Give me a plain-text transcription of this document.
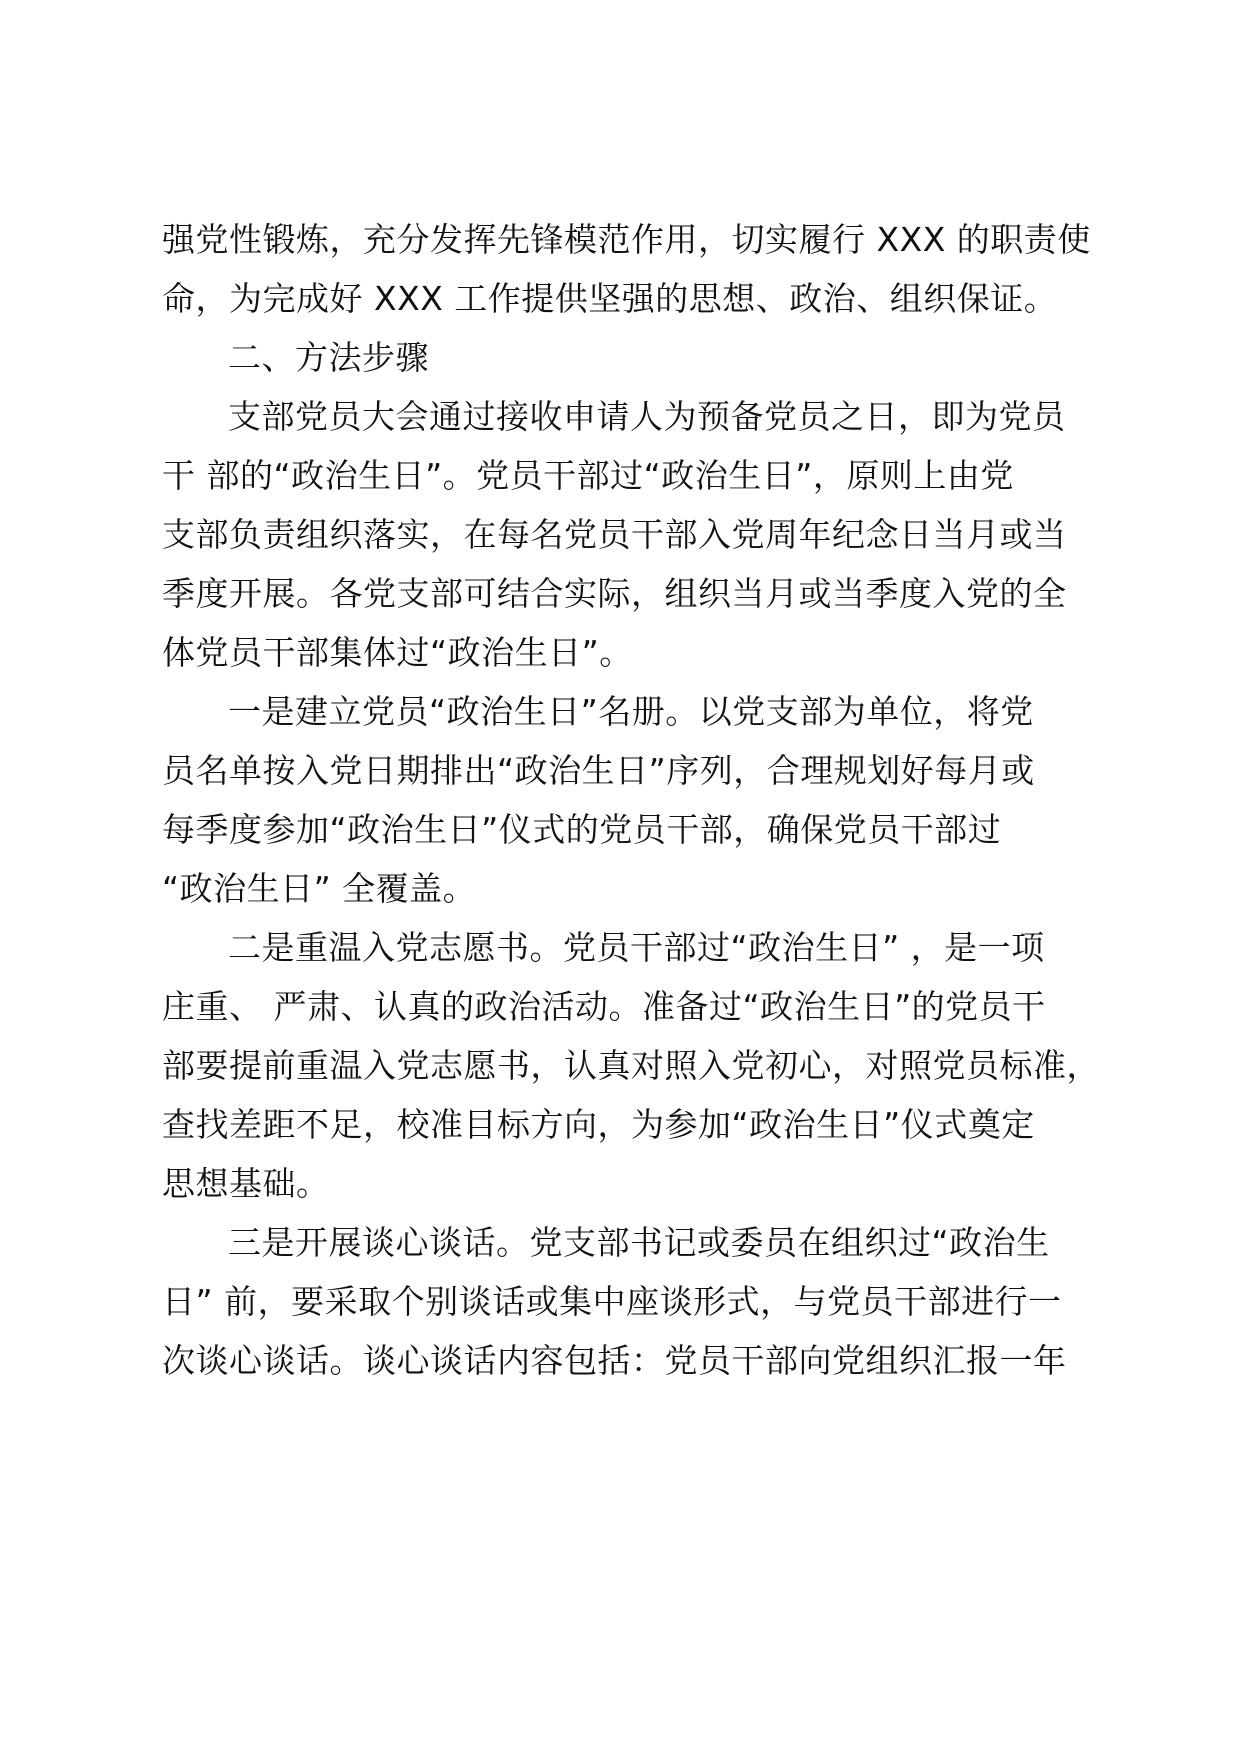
强党性锻炼，充分发挥先锋模范作用，切实履行 XXX 的职责使
命，为完成好 XXX 工作提供坚强的思想、政治、组织保证。
二、方法步骤
支部党员大会通过接收申请人为预备党员之日，即为党员
干 部的“政治生日”。党员干部过“政治生日”，原则上由党
支部负责组织落实，在每名党员干部入党周年纪念日当月或当
季度开展。各党支部可结合实际，组织当月或当季度入党的全
体党员干部集体过“政治生日”。
一是建立党员“政治生日”名册。以党支部为单位，将党
员名单按入党日期排出“政治生日”序列，合理规划好每月或
每季度参加“政治生日”仪式的党员干部，确保党员干部过
“政治生日” 全覆盖。
二是重温入党志愿书。党员干部过“政治生日” ，是一项
庄重、 严肃、认真的政治活动。准备过“政治生日”的党员干
部要提前重温入党志愿书，认真对照入党初心，对照党员标准，
查找差距不足，校准目标方向，为参加“政治生日”仪式奠定
思想基础。
三是开展谈心谈话。党支部书记或委员在组织过“政治生
日” 前，要采取个别谈话或集中座谈形式，与党员干部进行一
次谈心谈话。谈心谈话内容包括：党员干部向党组织汇报一年
